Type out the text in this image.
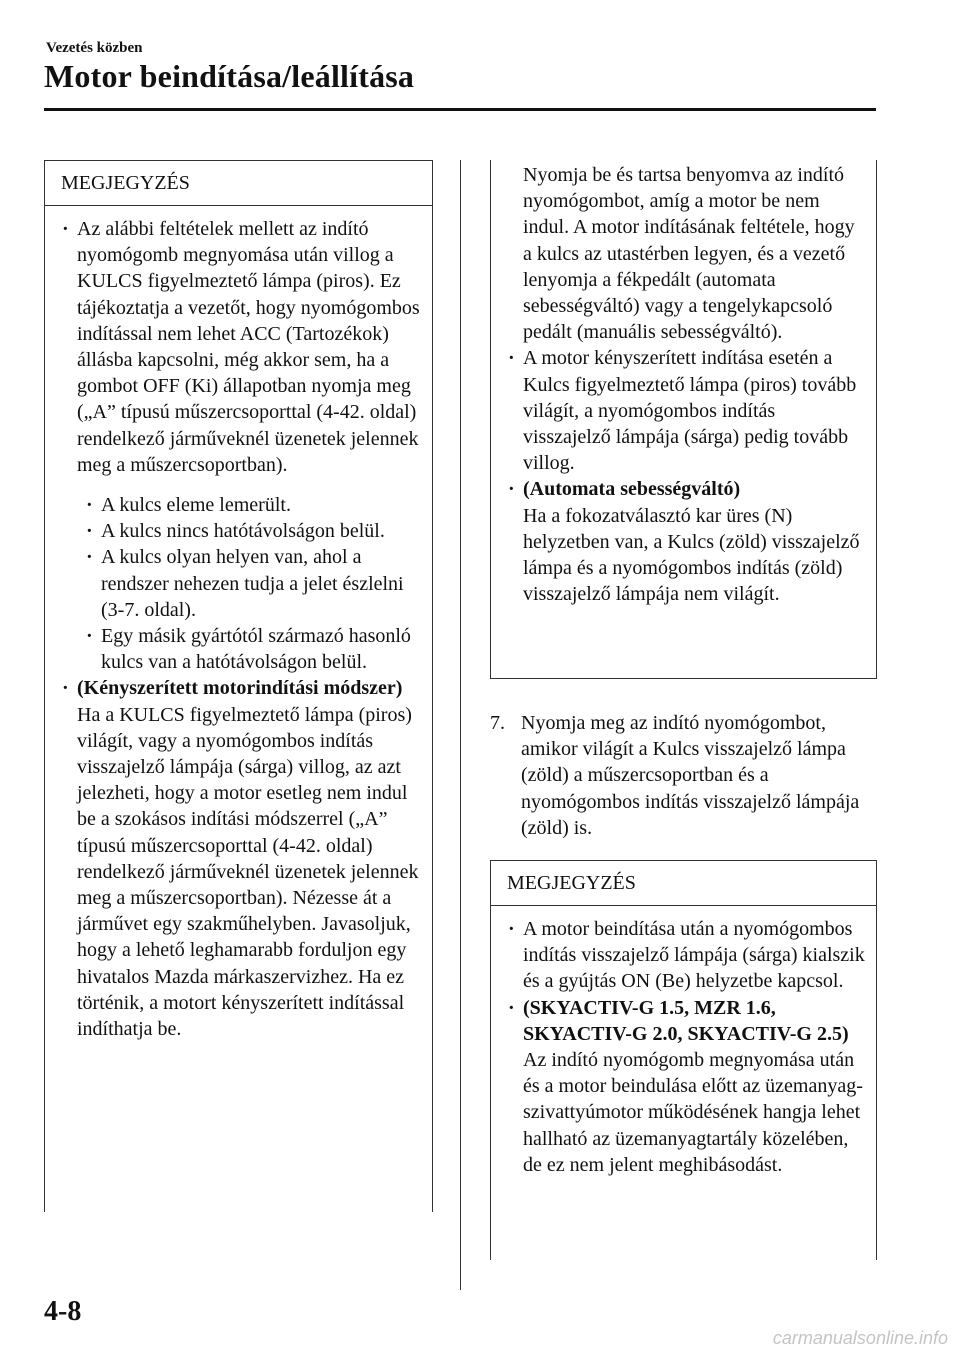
Vezetés közben
Motor beindítása/leállítása
MEGJEGYZÉS

· Az alábbi feltételek mellett az indító nyomógomb megnyomása után villog a KULCS figyelmeztető lámpa (piros). Ez tájékoztatja a vezetőt, hogy nyomógombos indítással nem lehet ACC (Tartozékok) állásba kapcsolni, még akkor sem, ha a gombot OFF (Ki) állapotban nyomja meg („A” típusú műszercsoporttal (4-42. oldal) rendelkező járműveknél üzenetek jelennek meg a műszercsoportban).

· A kulcs eleme lemerült.

· A kulcs nincs hatótávolságon belül.

· A kulcs olyan helyen van, ahol a rendszer nehezen tudja a jelet észlelni (3-7. oldal).

· Egy másik gyártótól származó hasonló kulcs van a hatótávolságon belül.

· (Kényszerített motorindítási módszer)
Ha a KULCS figyelmeztető lámpa (piros) világít, vagy a nyomógombos indítás visszajelző lámpája (sárga) villog, az azt jelezheti, hogy a motor esetleg nem indul be a szokásos indítási módszerrel („A” típusú műszercsoporttal (4-42. oldal) rendelkező járműveknél üzenetek jelennek meg a műszercsoportban). Nézesse át a járművet egy szakműhelyben. Javasoljuk, hogy a lehető leghamarabb forduljon egy hivatalos Mazda márkaszervizhez. Ha ez történik, a motort kényszerített indítással indíthatja be.

Nyomja be és tartsa benyomva az indító nyomógombot, amíg a motor be nem indul. A motor indításának feltétele, hogy a kulcs az utastérben legyen, és a vezető lenyomja a fékpedált (automata sebességváltó) vagy a tengelykapcsoló pedált (manuális sebességváltó).

· A motor kényszerített indítása esetén a Kulcs figyelmeztető lámpa (piros) tovább világít, a nyomógombos indítás visszajelző lámpája (sárga) pedig tovább villog.

· (Automata sebességváltó)
Ha a fokozatválasztó kar üres (N) helyzetben van, a Kulcs (zöld) visszajelző lámpa és a nyomógombos indítás (zöld) visszajelző lámpája nem világít.
7. Nyomja meg az indító nyomógombot, amikor világít a Kulcs visszajelző lámpa (zöld) a műszercsoportban és a nyomógombos indítás visszajelző lámpája (zöld) is.
MEGJEGYZÉS

· A motor beindítása után a nyomógombos indítás visszajelző lámpája (sárga) kialszik és a gyújtás ON (Be) helyzetbe kapcsol.

· (SKYACTIV-G 1.5, MZR 1.6, SKYACTIV-G 2.0, SKYACTIV-G 2.5)
Az indító nyomógomb megnyomása után és a motor beindulása előtt az üzemanyag-szivattyúmotor működésének hangja lehet hallható az üzemanyagtartály közelében, de ez nem jelent meghibásodást.
4-8
carmanualsonline.info
